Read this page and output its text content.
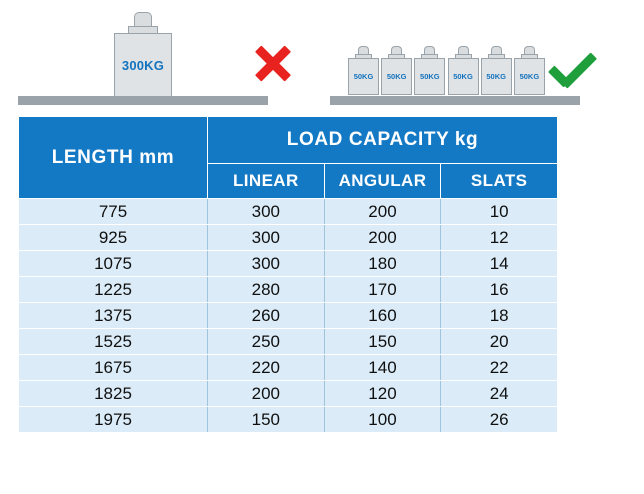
300KG
50KG 50KG 50KG 50KG 50KG 50KG
LENGTH mm	LOAD CAPACITY kg		
	LINEAR	ANGULAR	SLATS
775	300	200	10
925	300	200	12
1075	300	180	14
1225	280	170	16
1375	260	160	18
1525	250	150	20
1675	220	140	22
1825	200	120	24
1975	150	100	26
